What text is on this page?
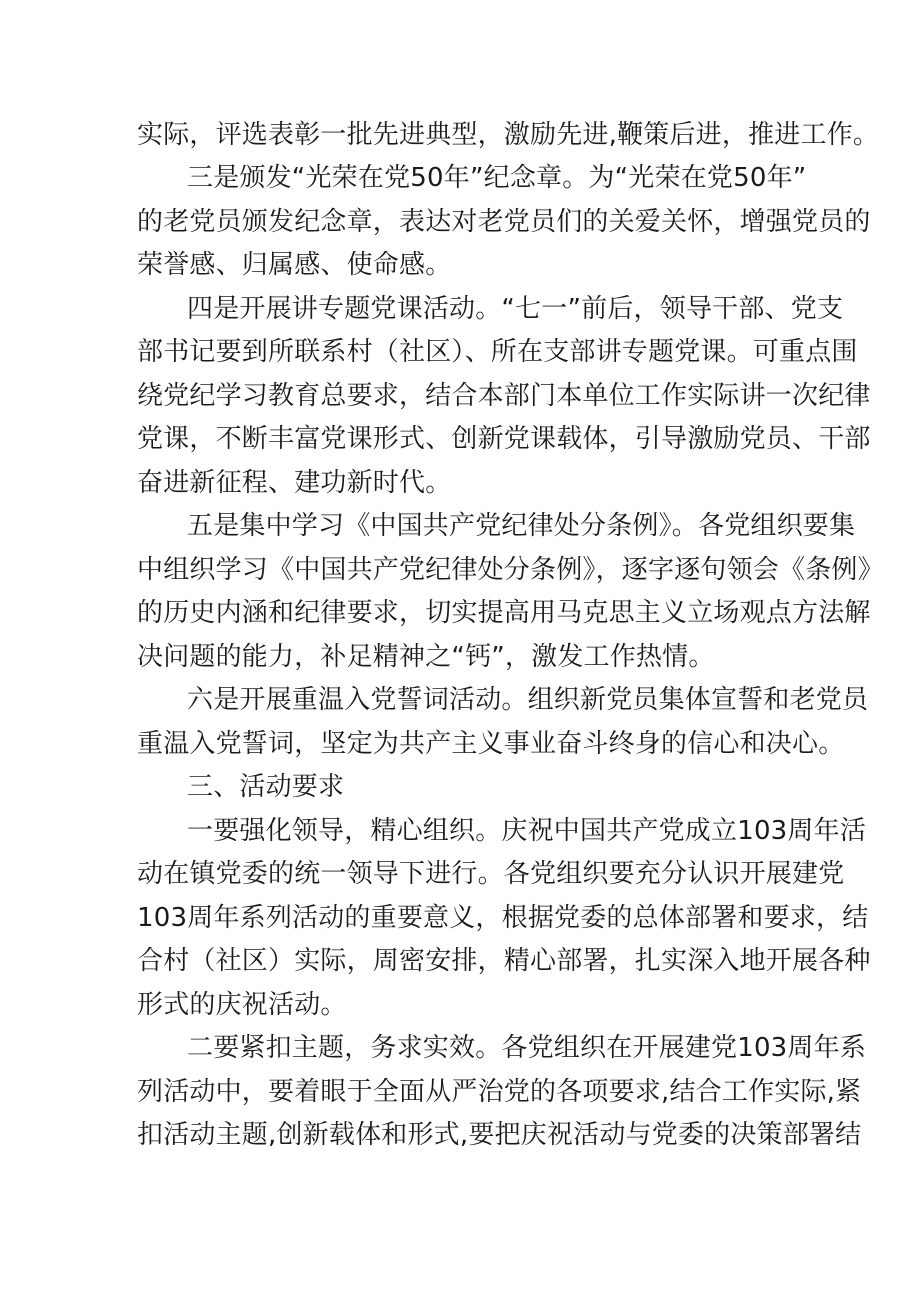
实际，评选表彰一批先进典型，激励先进,鞭策后进，推进工作。
三是颁发“光荣在党50年”纪念章。为“光荣在党50年”
的老党员颁发纪念章，表达对老党员们的关爱关怀，增强党员的
荣誉感、归属感、使命感。
四是开展讲专题党课活动。“七一”前后，领导干部、党支
部书记要到所联系村（社区）、所在支部讲专题党课。可重点围
绕党纪学习教育总要求，结合本部门本单位工作实际讲一次纪律
党课，不断丰富党课形式、创新党课载体，引导激励党员、干部
奋进新征程、建功新时代。
五是集中学习《中国共产党纪律处分条例》。各党组织要集
中组织学习《中国共产党纪律处分条例》，逐字逐句领会《条例》
的历史内涵和纪律要求，切实提高用马克思主义立场观点方法解
决问题的能力，补足精神之“钙”，激发工作热情。
六是开展重温入党誓词活动。组织新党员集体宣誓和老党员
重温入党誓词，坚定为共产主义事业奋斗终身的信心和决心。
三、活动要求
一要强化领导，精心组织。庆祝中国共产党成立103周年活
动在镇党委的统一领导下进行。各党组织要充分认识开展建党
103周年系列活动的重要意义，根据党委的总体部署和要求，结
合村（社区）实际，周密安排，精心部署，扎实深入地开展各种
形式的庆祝活动。
二要紧扣主题，务求实效。各党组织在开展建党103周年系
列活动中，要着眼于全面从严治党的各项要求,结合工作实际,紧
扣活动主题,创新载体和形式,要把庆祝活动与党委的决策部署结
